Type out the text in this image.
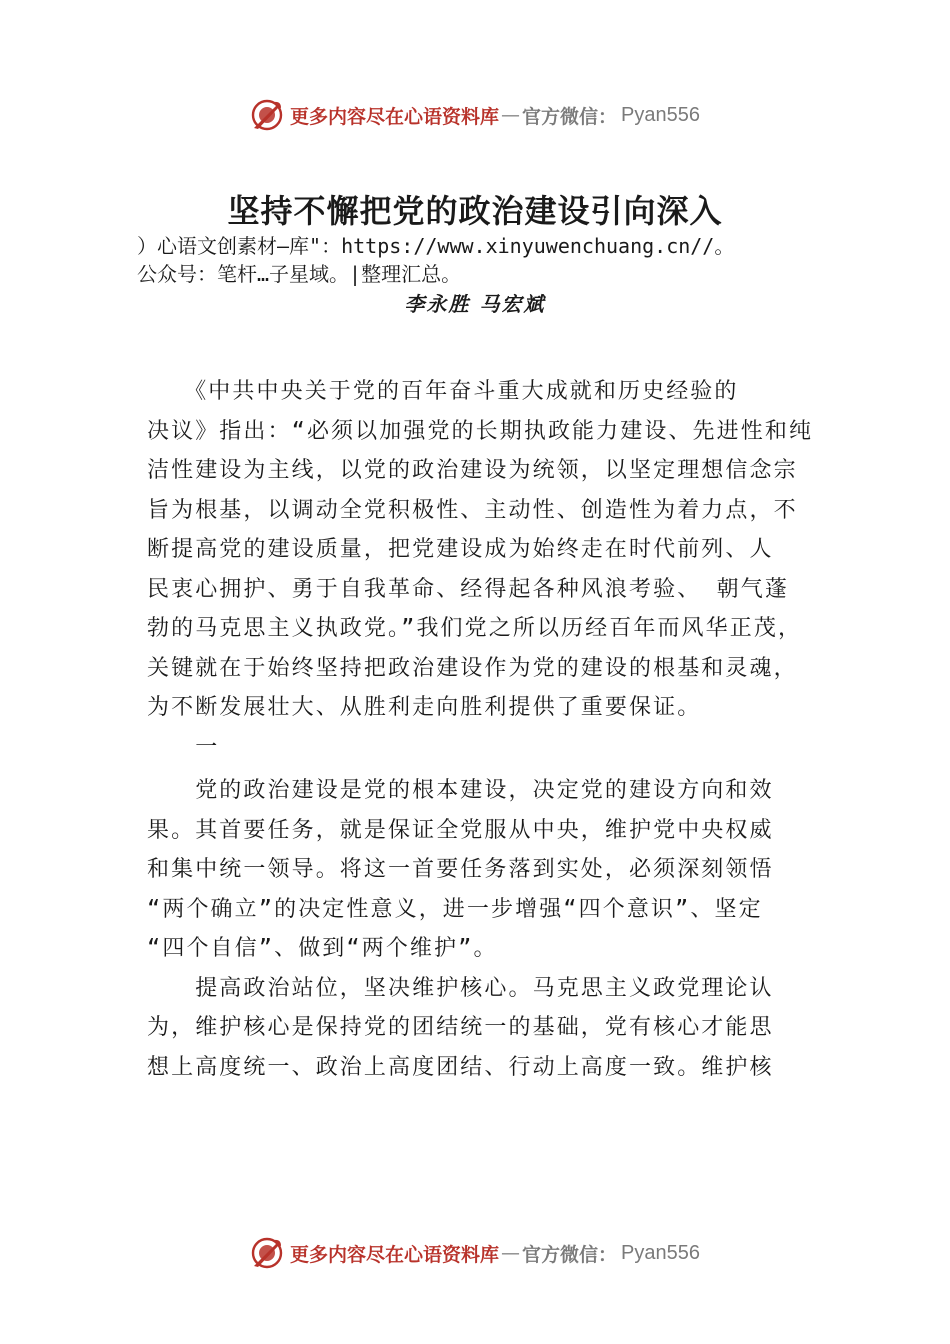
更多内容尽在心语资料库 — 官方微信： Pyan556
坚持不懈把党的政治建设引向深入
）心语文创素材—库"：https://www.xinyuwenchuang.cn//。
公众号：笔杆…子星域。|整理汇总。
李永胜 马宏斌
　　《中共中央关于党的百年奋斗重大成就和历史经验的
决议》指出：“必须以加强党的长期执政能力建设、先进性和纯
洁性建设为主线，以党的政治建设为统领，以坚定理想信念宗
旨为根基，以调动全党积极性、主动性、创造性为着力点，不
断提高党的建设质量，把党建设成为始终走在时代前列、人
民衷心拥护、勇于自我革命、经得起各种风浪考验、 朝气蓬
勃的马克思主义执政党。”我们党之所以历经百年而风华正茂，
关键就在于始终坚持把政治建设作为党的建设的根基和灵魂，
为不断发展壮大、从胜利走向胜利提供了重要保证。
　　一
　　党的政治建设是党的根本建设，决定党的建设方向和效
果。其首要任务，就是保证全党服从中央，维护党中央权威
和集中统一领导。将这一首要任务落到实处，必须深刻领悟
“两个确立”的决定性意义，进一步增强“四个意识”、坚定
“四个自信”、做到“两个维护”。
　　提高政治站位，坚决维护核心。马克思主义政党理论认
为，维护核心是保持党的团结统一的基础，党有核心才能思
想上高度统一、政治上高度团结、行动上高度一致。维护核
更多内容尽在心语资料库 — 官方微信： Pyan556
